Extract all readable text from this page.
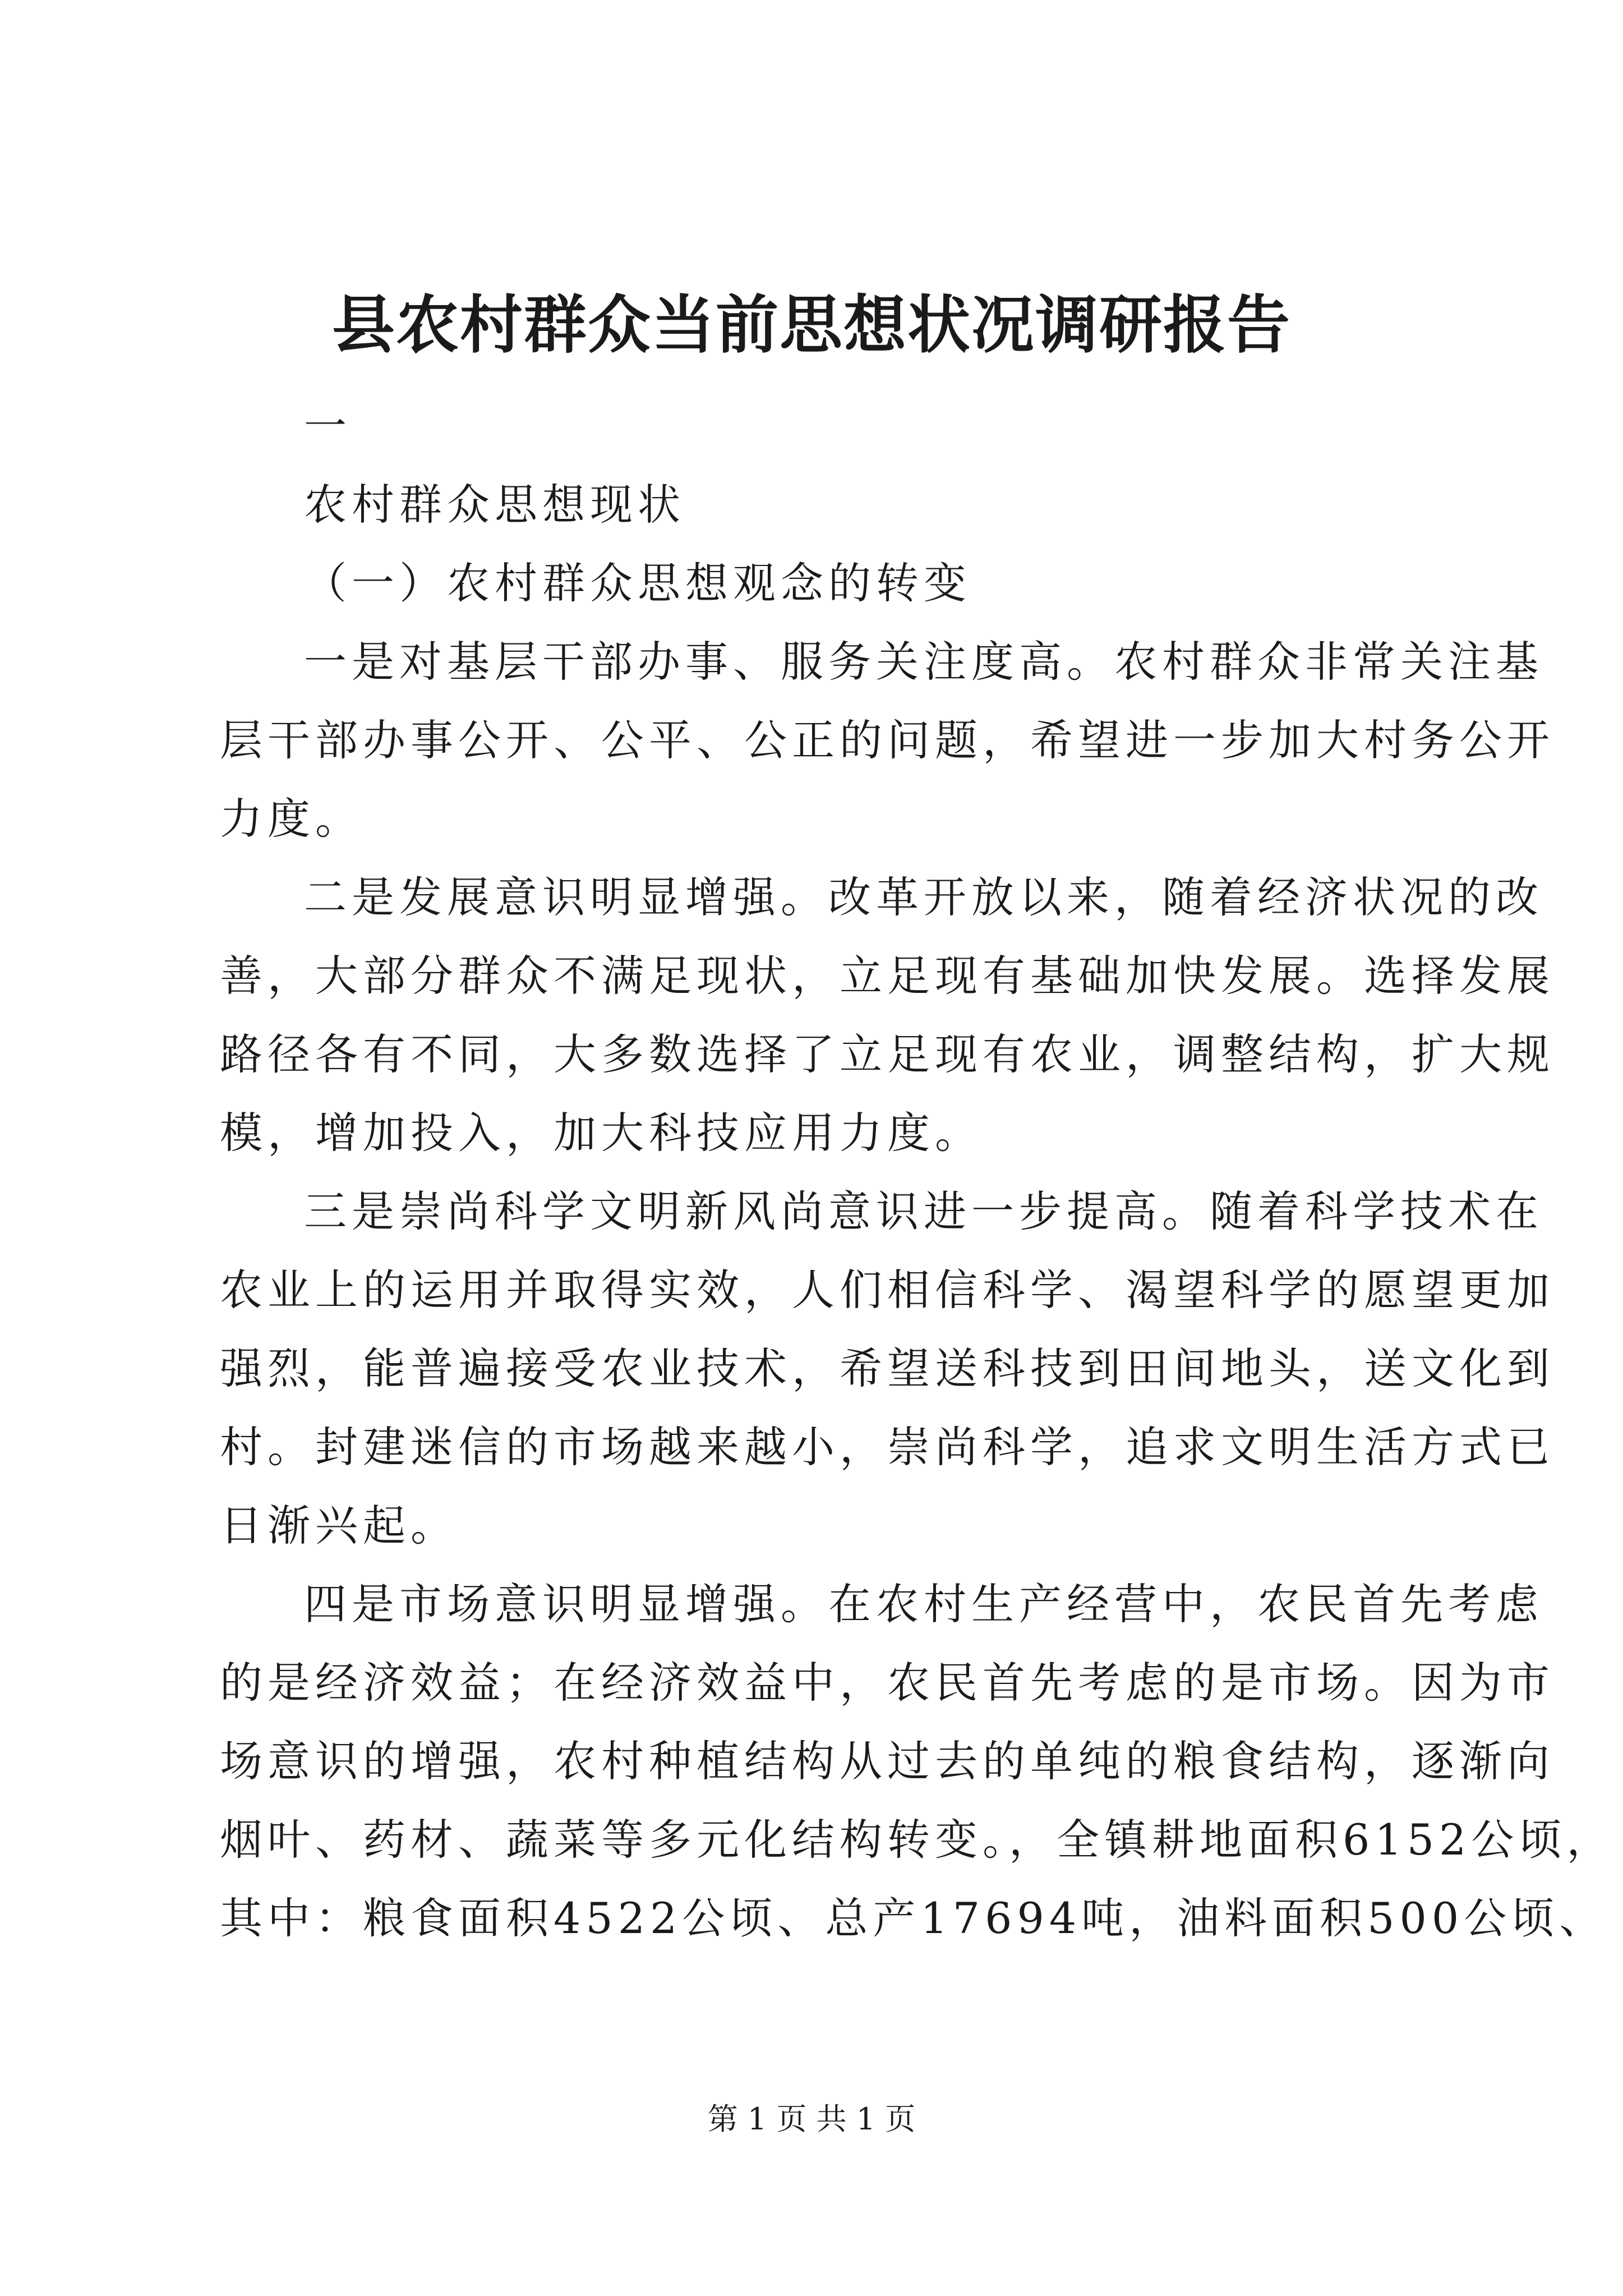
县农村群众当前思想状况调研报告

一

农村群众思想现状

（一）农村群众思想观念的转变

一是对基层干部办事、服务关注度高。农村群众非常关注基

层干部办事公开、公平、公正的问题，希望进一步加大村务公开

力度。

二是发展意识明显增强。改革开放以来，随着经济状况的改

善，大部分群众不满足现状，立足现有基础加快发展。选择发展

路径各有不同，大多数选择了立足现有农业，调整结构，扩大规

模，增加投入，加大科技应用力度。

三是崇尚科学文明新风尚意识进一步提高。随着科学技术在

农业上的运用并取得实效，人们相信科学、渴望科学的愿望更加

强烈，能普遍接受农业技术，希望送科技到田间地头，送文化到

村。封建迷信的市场越来越小，崇尚科学，追求文明生活方式已

日渐兴起。

四是市场意识明显增强。在农村生产经营中，农民首先考虑

的是经济效益；在经济效益中，农民首先考虑的是市场。因为市

场意识的增强，农村种植结构从过去的单纯的粮食结构，逐渐向

烟叶、药材、蔬菜等多元化结构转变。，全镇耕地面积6152公顷，

其中：粮食面积4522公顷、总产17694吨，油料面积500公顷、

第 1 页 共 1 页
